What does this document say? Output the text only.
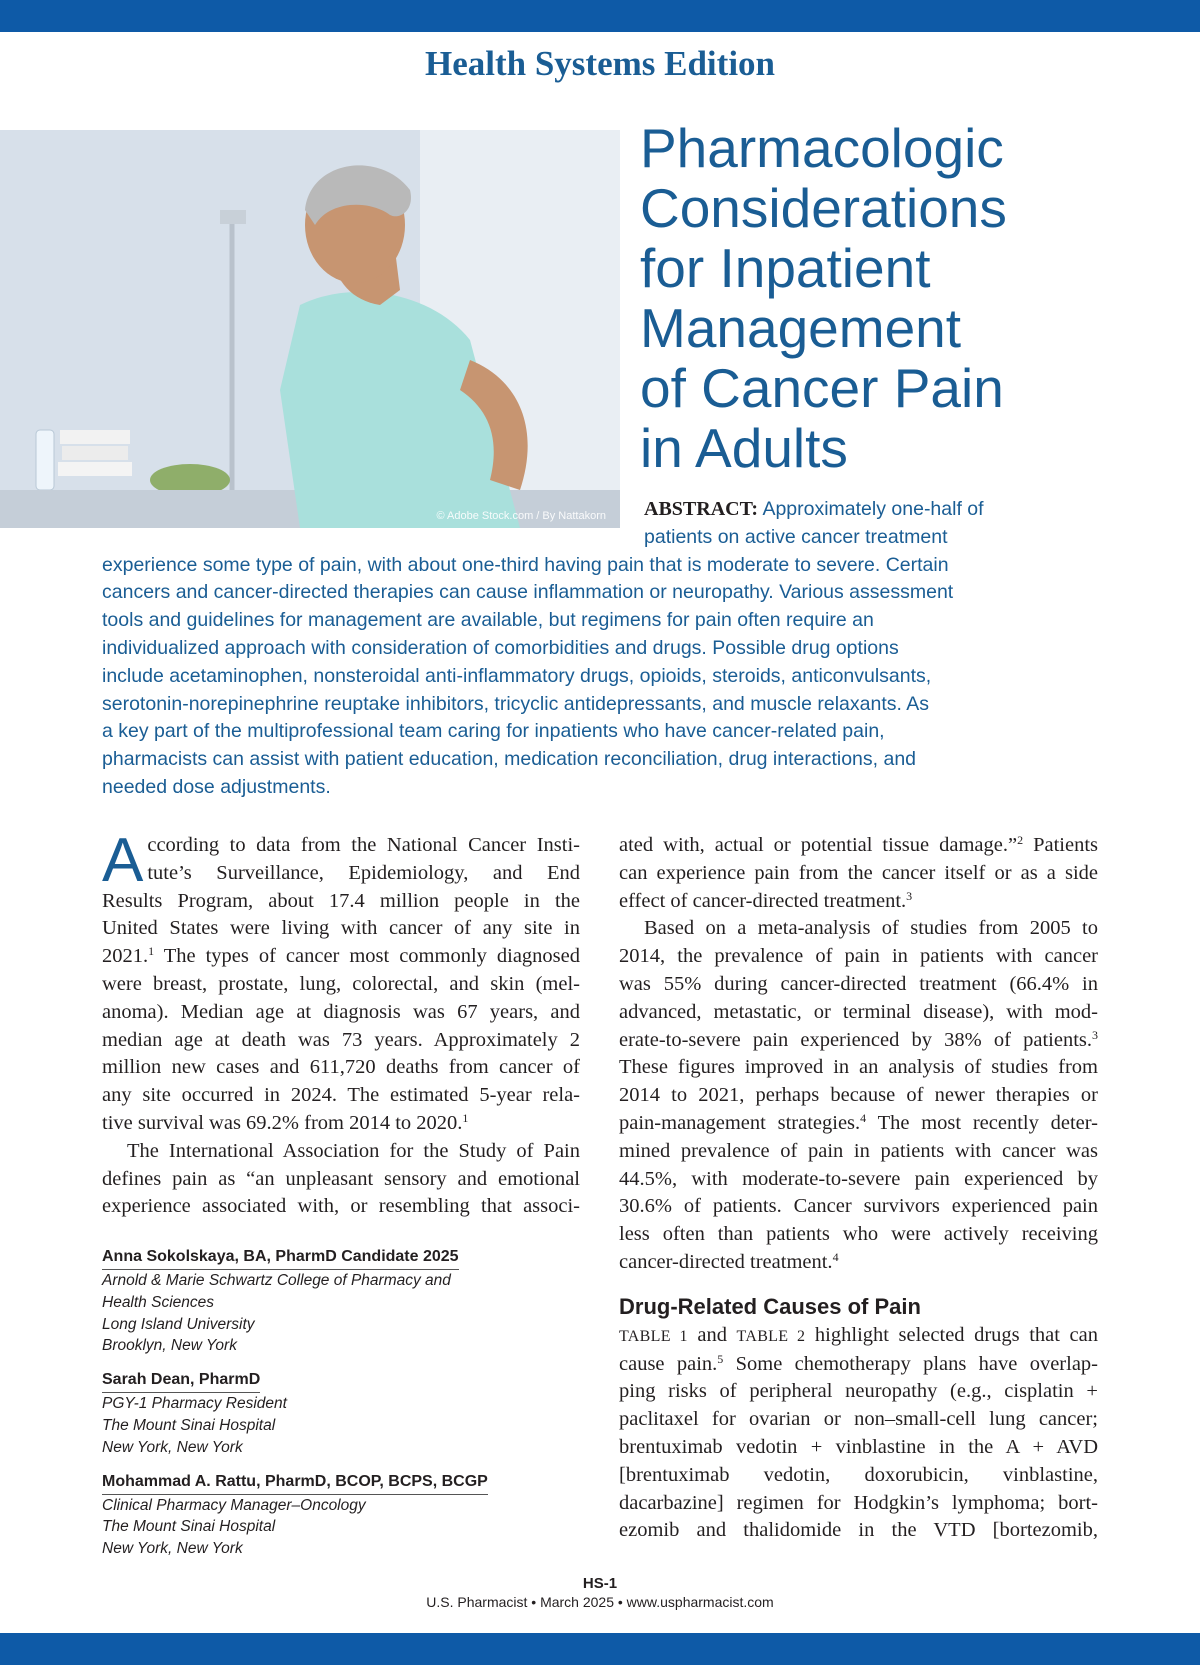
Health Systems Edition
© Adobe Stock.com / By Nattakorn
Pharmacologic
Considerations
for Inpatient
Management
of Cancer Pain
in Adults
ABSTRACT: Approximately one-half of
patients on active cancer treatment
experience some type of pain, with about one-third having pain that is moderate to severe. Certain
cancers and cancer-directed therapies can cause inflammation or neuropathy. Various assessment
tools and guidelines for management are available, but regimens for pain often require an
individualized approach with consideration of comorbidities and drugs. Possible drug options
include acetaminophen, nonsteroidal anti-inflammatory drugs, opioids, steroids, anticonvulsants,
serotonin-norepinephrine reuptake inhibitors, tricyclic antidepressants, and muscle relaxants. As
a key part of the multiprofessional team caring for inpatients who have cancer-related pain,
pharmacists can assist with patient education, medication reconciliation, drug interactions, and
needed dose adjustments.
A ccording to data from the National Cancer Insti-
tute’s Surveillance, Epidemiology, and End
Results Program, about 17.4 million people in the
United States were living with cancer of any site in
2021.$^1$ The types of cancer most commonly diagnosed
were breast, prostate, lung, colorectal, and skin (mel-
anoma). Median age at diagnosis was 67 years, and
median age at death was 73 years. Approximately 2
million new cases and 611,720 deaths from cancer of
any site occurred in 2024. The estimated 5-year rela-
tive survival was 69.2% from 2014 to 2020.$^1$
The International Association for the Study of Pain
defines pain as “an unpleasant sensory and emotional
experience associated with, or resembling that associ-
Anna Sokolskaya, BA, PharmD Candidate 2025
Arnold & Marie Schwartz College of Pharmacy and
Health Sciences
Long Island University
Brooklyn, New York
Sarah Dean, PharmD
PGY-1 Pharmacy Resident
The Mount Sinai Hospital
New York, New York
Mohammad A. Rattu, PharmD, BCOP, BCPS, BCGP
Clinical Pharmacy Manager–Oncology
The Mount Sinai Hospital
New York, New York
ated with, actual or potential tissue damage.”$^2$ Patients
can experience pain from the cancer itself or as a side
effect of cancer-directed treatment.$^3$
Based on a meta-analysis of studies from 2005 to
2014, the prevalence of pain in patients with cancer
was 55% during cancer-directed treatment (66.4% in
advanced, metastatic, or terminal disease), with mod-
erate-to-severe pain experienced by 38% of patients.$^3$
These figures improved in an analysis of studies from
2014 to 2021, perhaps because of newer therapies or
pain-management strategies.$^4$ The most recently deter-
mined prevalence of pain in patients with cancer was
44.5%, with moderate-to-severe pain experienced by
30.6% of patients. Cancer survivors experienced pain
less often than patients who were actively receiving
cancer-directed treatment.$^4$
Drug-Related Causes of Pain
TABLE 1 and TABLE 2 highlight selected drugs that can
cause pain.$^5$ Some chemotherapy plans have overlap-
ping risks of peripheral neuropathy (e.g., cisplatin +
paclitaxel for ovarian or non–small-cell lung cancer;
brentuximab vedotin + vinblastine in the A + AVD
[brentuximab vedotin, doxorubicin, vinblastine,
dacarbazine] regimen for Hodgkin’s lymphoma; bort-
ezomib and thalidomide in the VTD [bortezomib,
HS-1
U.S. Pharmacist • March 2025 • www.uspharmacist.com
